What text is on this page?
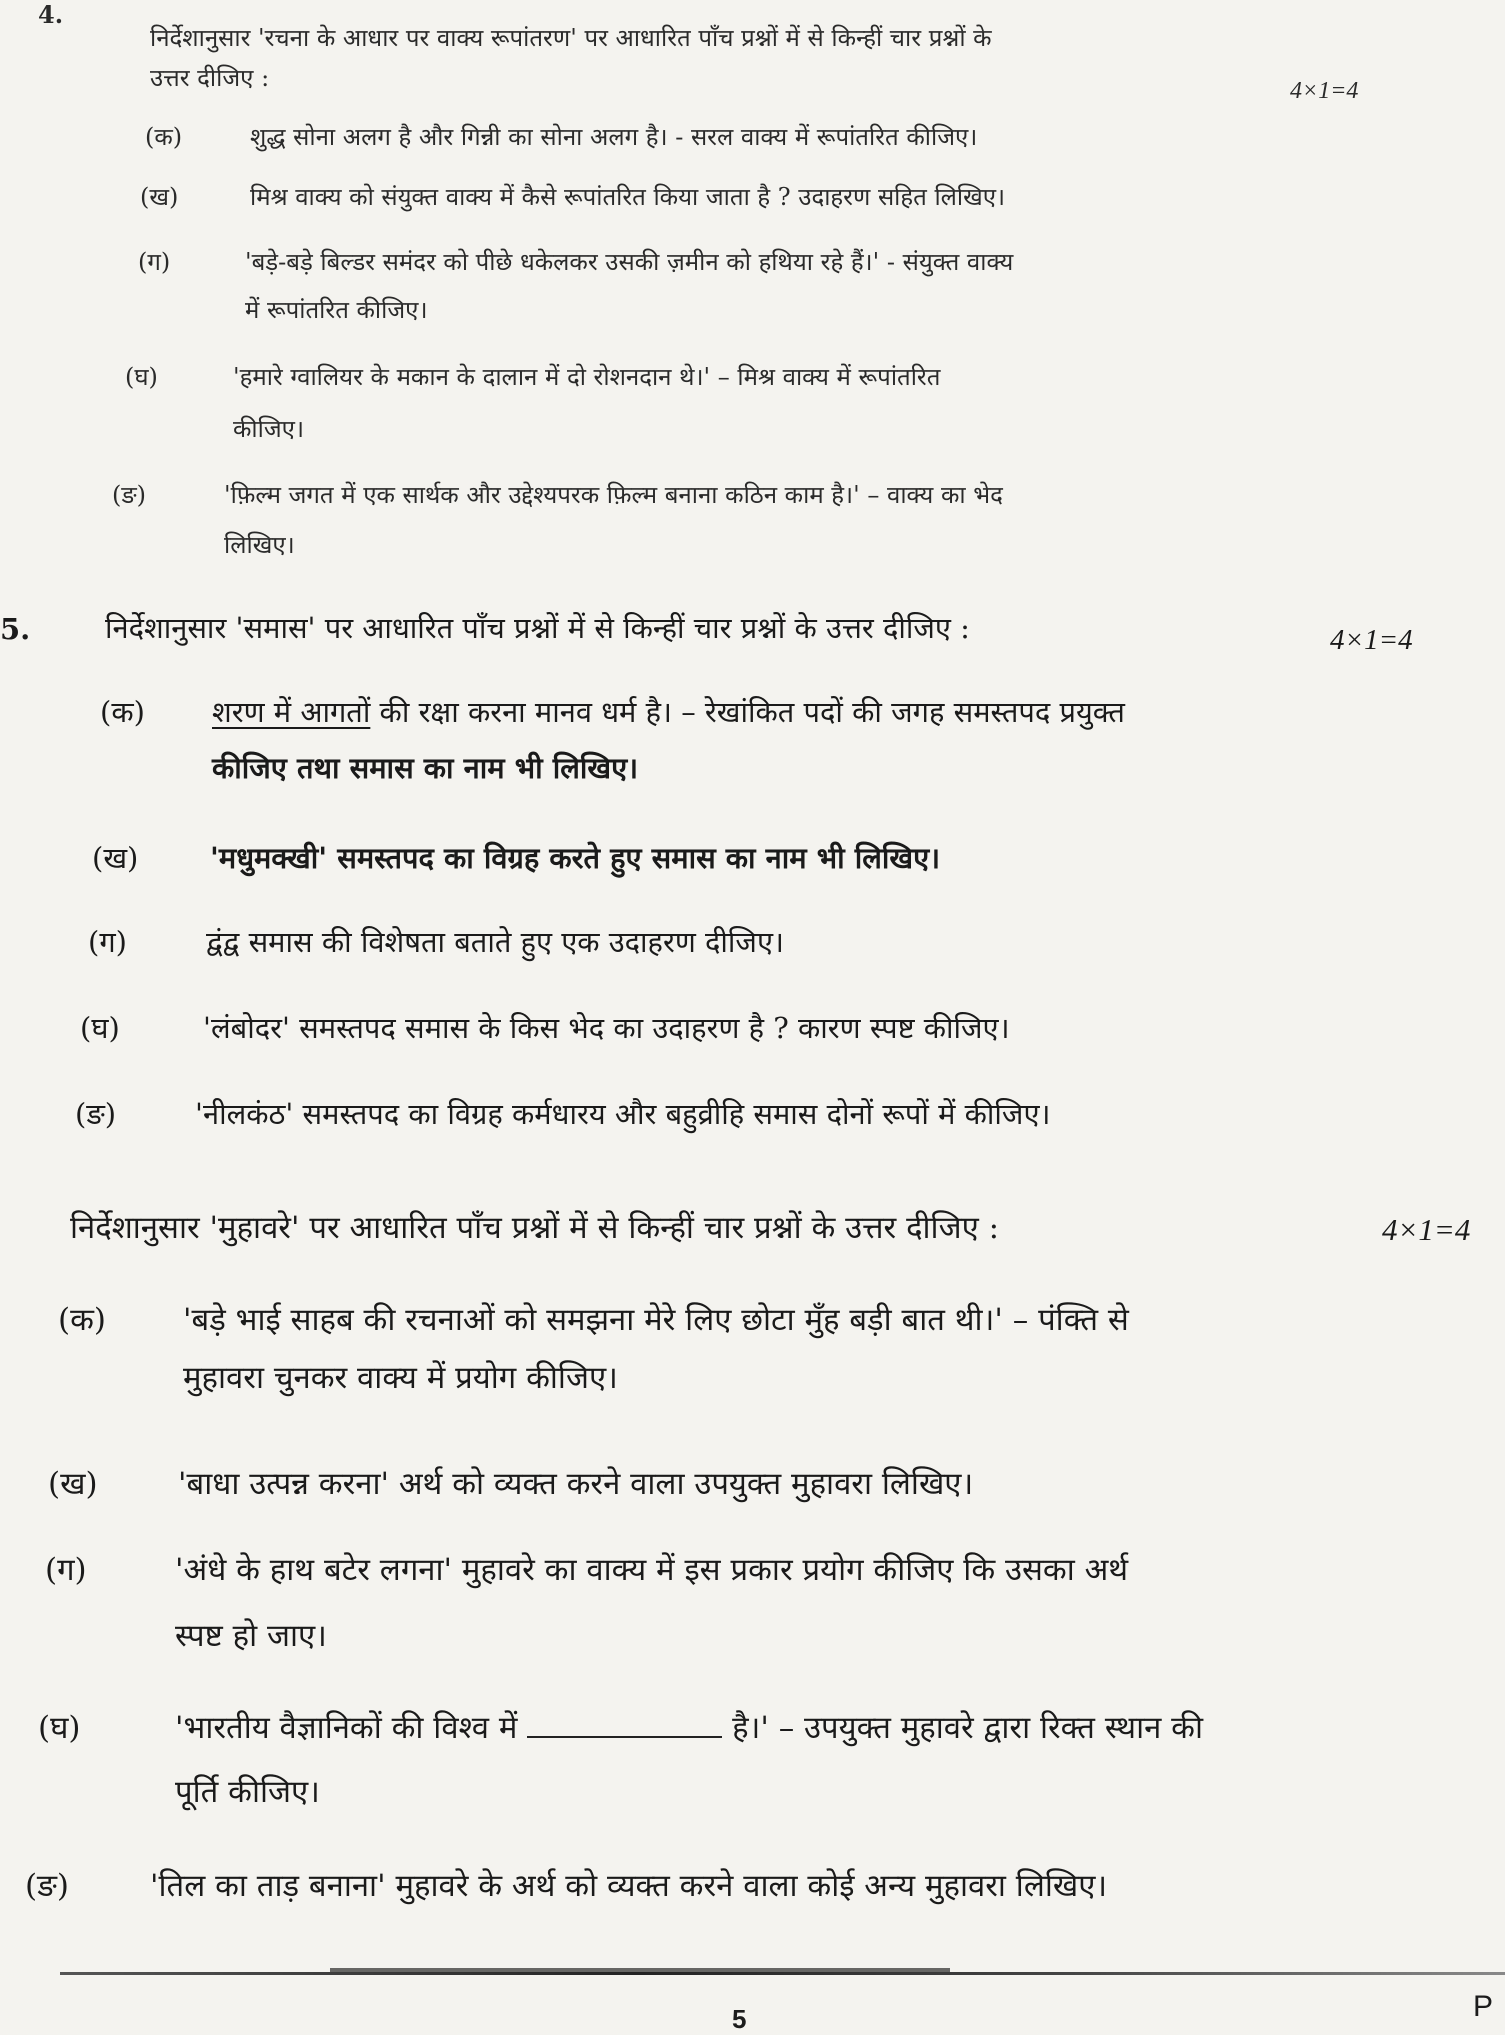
4.
निर्देशानुसार 'रचना के आधार पर वाक्य रूपांतरण' पर आधारित पाँच प्रश्नों में से किन्हीं चार प्रश्नों के
उत्तर दीजिए :	4×1=4
(क)	शुद्ध सोना अलग है और गिन्नी का सोना अलग है। - सरल वाक्य में रूपांतरित कीजिए।
(ख)	मिश्र वाक्य को संयुक्त वाक्य में कैसे रूपांतरित किया जाता है ? उदाहरण सहित लिखिए।
(ग)	'बड़े-बड़े बिल्डर समंदर को पीछे धकेलकर उसकी ज़मीन को हथिया रहे हैं।' - संयुक्त वाक्य
में रूपांतरित कीजिए।
(घ)	'हमारे ग्वालियर के मकान के दालान में दो रोशनदान थे।' – मिश्र वाक्य में रूपांतरित
कीजिए।
(ङ)	'फ़िल्म जगत में एक सार्थक और उद्देश्यपरक फ़िल्म बनाना कठिन काम है।' – वाक्य का भेद
लिखिए।
5.	निर्देशानुसार 'समास' पर आधारित पाँच प्रश्नों में से किन्हीं चार प्रश्नों के उत्तर दीजिए :	4×1=4
(क) शरण में आगतों की रक्षा करना मानव धर्म है। – रेखांकित पदों की जगह समस्तपद प्रयुक्त
कीजिए तथा समास का नाम भी लिखिए।
(ख) 'मधुमक्खी' समस्तपद का विग्रह करते हुए समास का नाम भी लिखिए।
(ग)	द्वंद्व समास की विशेषता बताते हुए एक उदाहरण दीजिए।
(घ)	'लंबोदर' समस्तपद समास के किस भेद का उदाहरण है ? कारण स्पष्ट कीजिए।
(ङ)	'नीलकंठ' समस्तपद का विग्रह कर्मधारय और बहुव्रीहि समास दोनों रूपों में कीजिए।
निर्देशानुसार 'मुहावरे' पर आधारित पाँच प्रश्नों में से किन्हीं चार प्रश्नों के उत्तर दीजिए :	4×1=4
(क) 'बड़े भाई साहब की रचनाओं को समझना मेरे लिए छोटा मुँह बड़ी बात थी।' – पंक्ति से
मुहावरा चुनकर वाक्य में प्रयोग कीजिए।
(ख)	'बाधा उत्पन्न करना' अर्थ को व्यक्त करने वाला उपयुक्त मुहावरा लिखिए।
(ग)	'अंधे के हाथ बटेर लगना' मुहावरे का वाक्य में इस प्रकार प्रयोग कीजिए कि उसका अर्थ
स्पष्ट हो जाए।
(घ)	'भारतीय वैज्ञानिकों की विश्व में	है।' – उपयुक्त मुहावरे द्वारा रिक्त स्थान की
पूर्ति कीजिए।
(ङ)	'तिल का ताड़ बनाना' मुहावरे के अर्थ को व्यक्त करने वाला कोई अन्य मुहावरा लिखिए।
5	P
